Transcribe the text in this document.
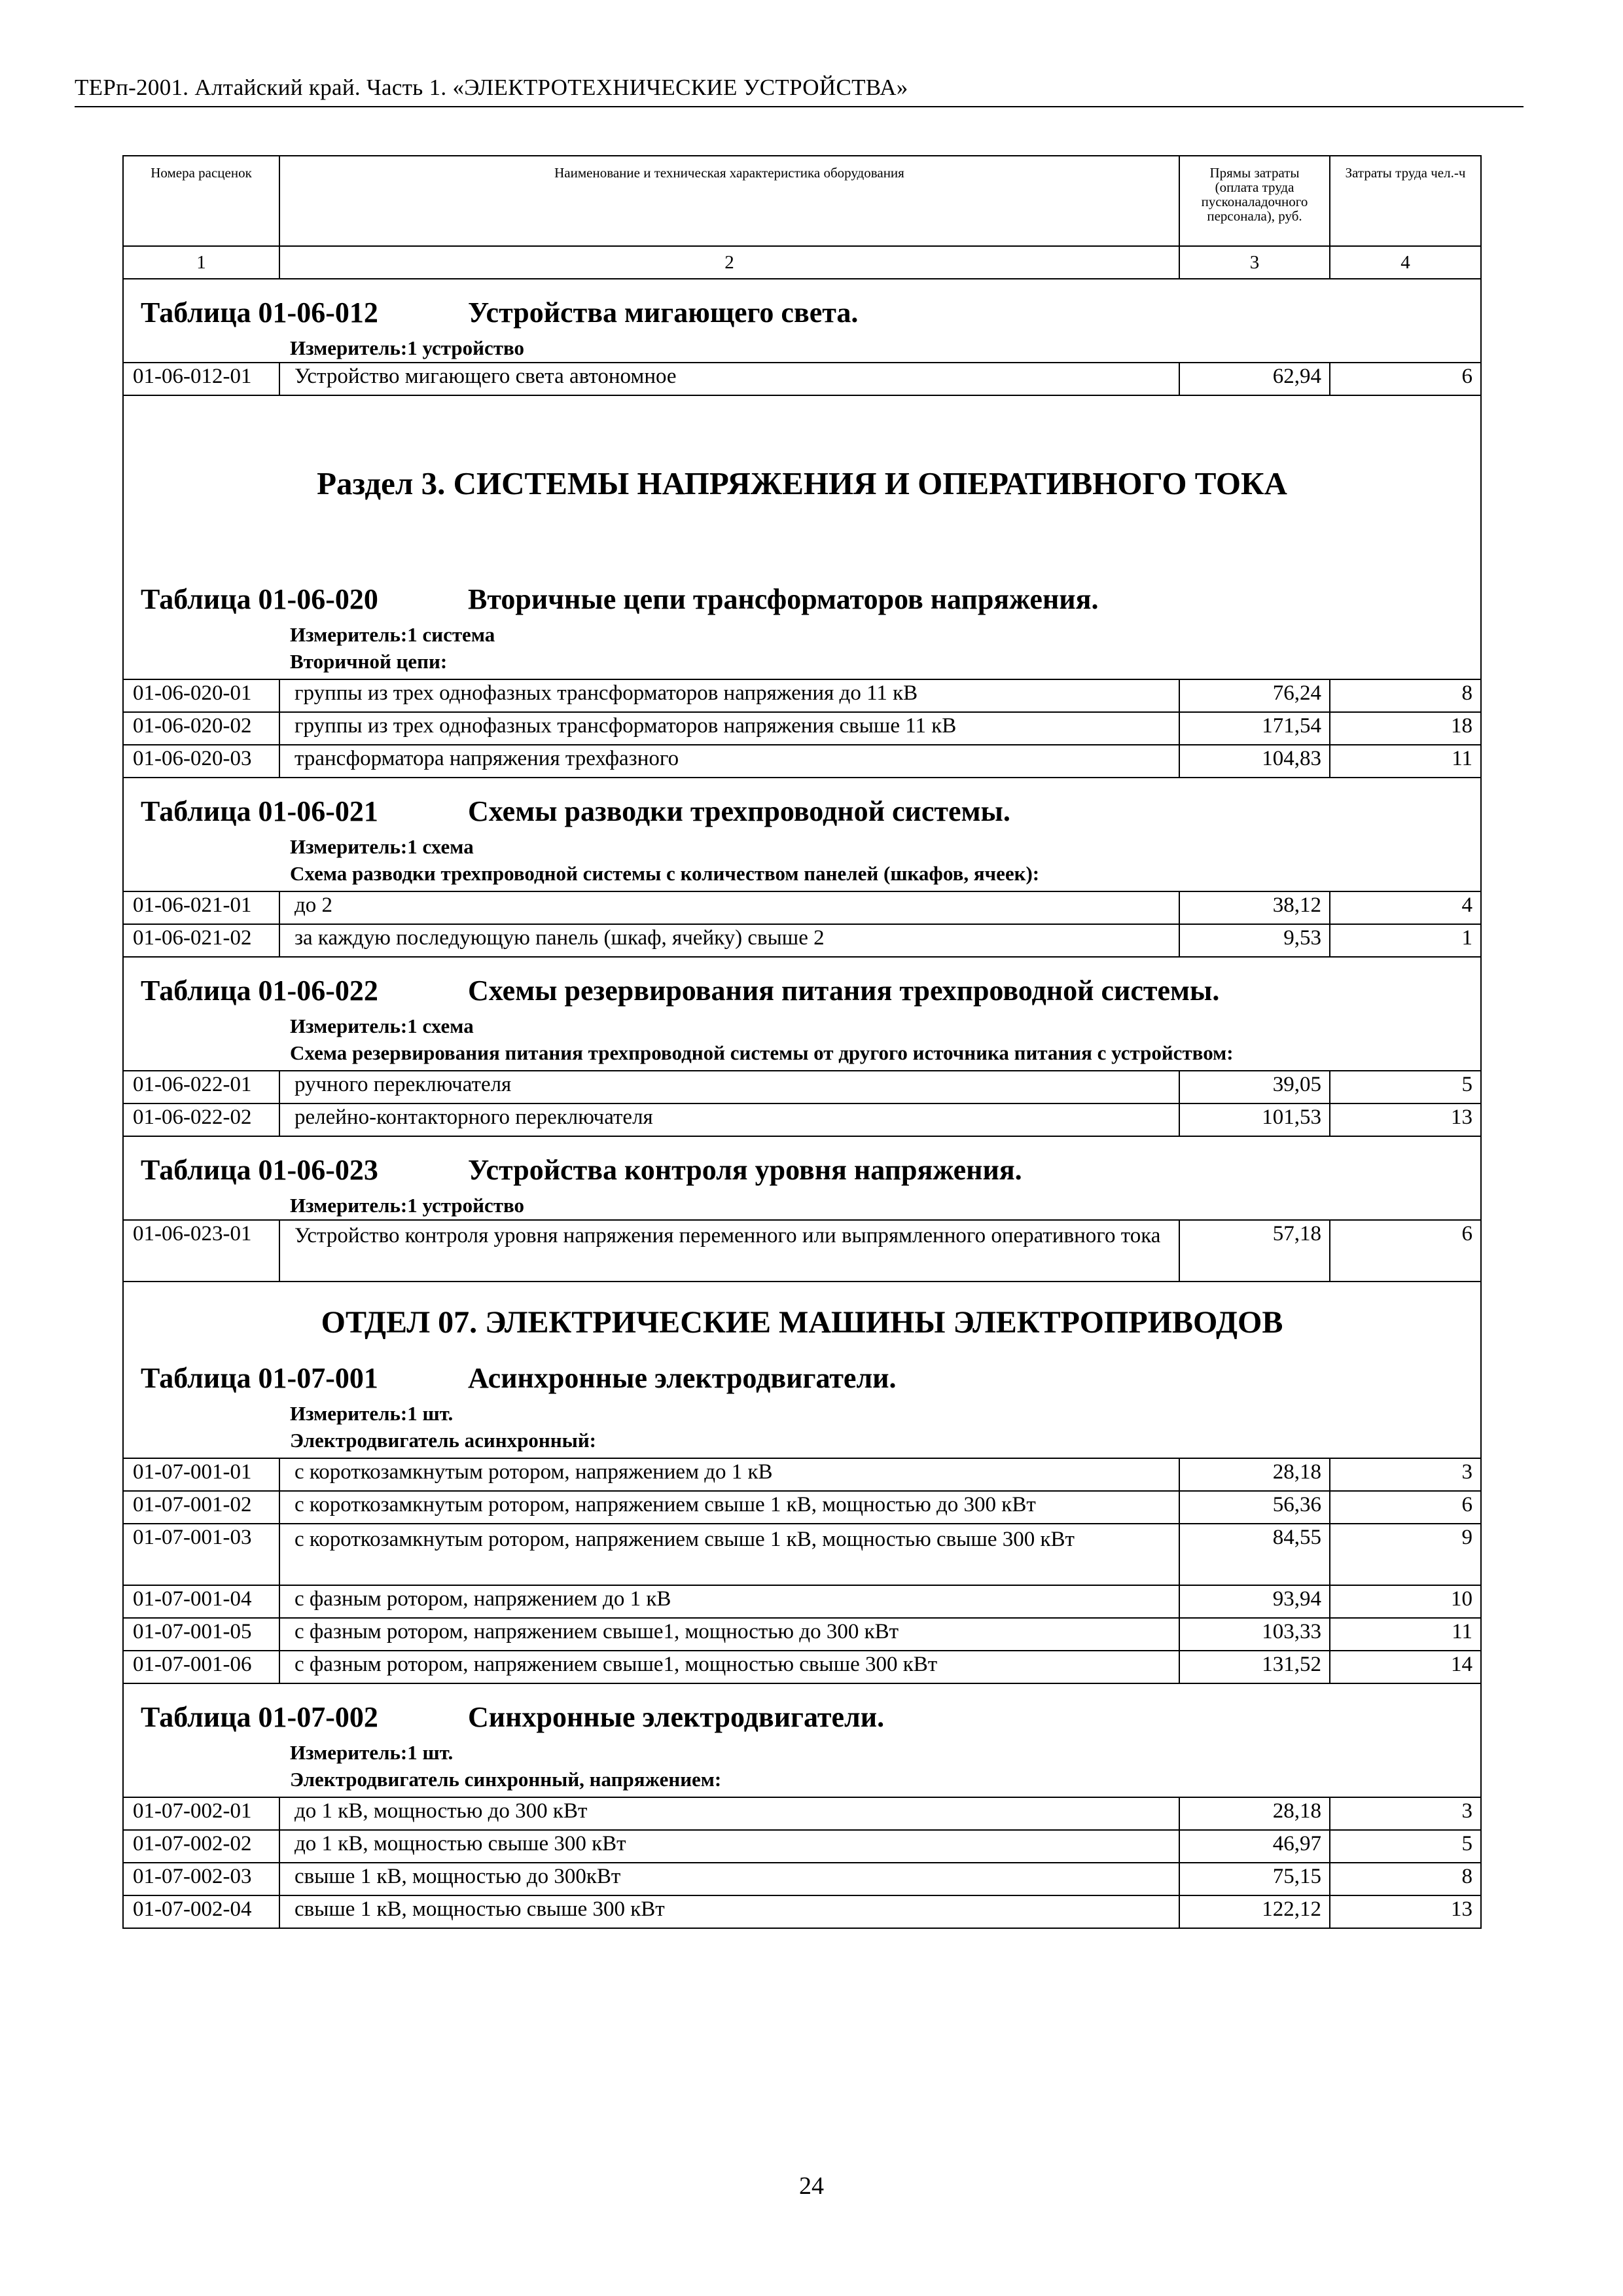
ТЕРп-2001. Алтайский край. Часть 1. «ЭЛЕКТРОТЕХНИЧЕСКИЕ УСТРОЙСТВА»
Номера расценок	Наименование и техническая характеристика оборудования	Прямы затраты (оплата труда пусконаладочного персонала), руб.	Затраты труда чел.-ч
1	2	3	4
Таблица 01-06-012 Устройства мигающего света.			
Измеритель:1 устройство			
01-06-012-01	Устройство мигающего света автономное	62,94	6
Раздел 3. СИСТЕМЫ НАПРЯЖЕНИЯ И ОПЕРАТИВНОГО ТОКА			
Таблица 01-06-020 Вторичные цепи трансформаторов напряжения.			
Измеритель:1 система			
Вторичной цепи:			
01-06-020-01	группы из трех однофазных трансформаторов напряжения до 11 кВ	76,24	8
01-06-020-02	группы из трех однофазных трансформаторов напряжения свыше 11 кВ	171,54	18
01-06-020-03	трансформатора напряжения трехфазного	104,83	11
Таблица 01-06-021 Схемы разводки трехпроводной системы.			
Измеритель:1 схема			
Схема разводки трехпроводной системы с количеством панелей (шкафов, ячеек):			
01-06-021-01	до 2	38,12	4
01-06-021-02	за каждую последующую панель (шкаф, ячейку) свыше 2	9,53	1
Таблица 01-06-022 Схемы резервирования питания трехпроводной системы.			
Измеритель:1 схема			
Схема резервирования питания трехпроводной системы от другого источника питания с устройством:			
01-06-022-01	ручного переключателя	39,05	5
01-06-022-02	релейно-контакторного переключателя	101,53	13
Таблица 01-06-023 Устройства контроля уровня напряжения.			
Измеритель:1 устройство			
01-06-023-01	Устройство контроля уровня напряжения переменного или выпрямленного оперативного тока	57,18	6
ОТДЕЛ 07. ЭЛЕКТРИЧЕСКИЕ МАШИНЫ ЭЛЕКТРОПРИВОДОВ			
Таблица 01-07-001 Асинхронные электродвигатели.			
Измеритель:1 шт.			
Электродвигатель асинхронный:			
01-07-001-01	с короткозамкнутым ротором, напряжением до 1 кВ	28,18	3
01-07-001-02	с короткозамкнутым ротором, напряжением свыше 1 кВ, мощностью до 300 кВт	56,36	6
01-07-001-03	с короткозамкнутым ротором, напряжением свыше 1 кВ, мощностью свыше 300 кВт	84,55	9
01-07-001-04	с фазным ротором, напряжением до 1 кВ	93,94	10
01-07-001-05	с фазным ротором, напряжением свыше1, мощностью до 300 кВт	103,33	11
01-07-001-06	с фазным ротором, напряжением свыше1, мощностью свыше 300 кВт	131,52	14
Таблица 01-07-002 Синхронные электродвигатели.			
Измеритель:1 шт.			
Электродвигатель синхронный, напряжением:			
01-07-002-01	до 1 кВ, мощностью до 300 кВт	28,18	3
01-07-002-02	до 1 кВ, мощностью свыше 300 кВт	46,97	5
01-07-002-03	свыше 1 кВ, мощностью до 300кВт	75,15	8
01-07-002-04	свыше 1 кВ, мощностью свыше 300 кВт	122,12	13
24
